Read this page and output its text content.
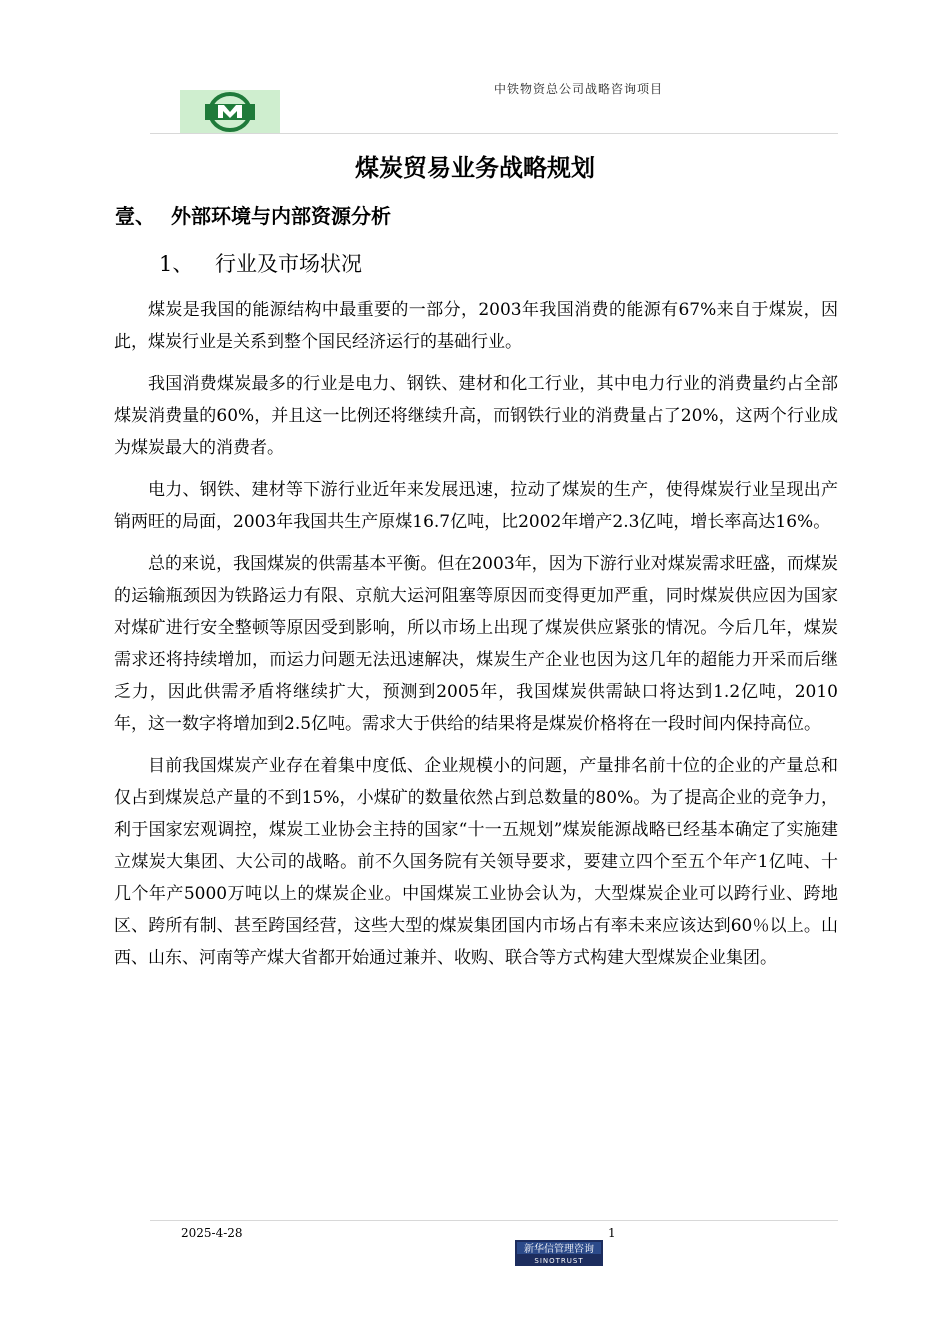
中铁物资总公司战略咨询项目
煤炭贸易业务战略规划
壹、 外部环境与内部资源分析
1、 行业及市场状况

煤炭是我国的能源结构中最重要的一部分，2003年我国消费的能源有67%来自于煤炭，因此，煤炭行业是关系到整个国民经济运行的基础行业。

我国消费煤炭最多的行业是电力、钢铁、建材和化工行业，其中电力行业的消费量约占全部煤炭消费量的60%，并且这一比例还将继续升高，而钢铁行业的消费量占了20%，这两个行业成为煤炭最大的消费者。

电力、钢铁、建材等下游行业近年来发展迅速，拉动了煤炭的生产，使得煤炭行业呈现出产销两旺的局面，2003年我国共生产原煤16.7亿吨，比2002年增产2.3亿吨，增长率高达16%。

总的来说，我国煤炭的供需基本平衡。但在2003年，因为下游行业对煤炭需求旺盛，而煤炭的运输瓶颈因为铁路运力有限、京航大运河阻塞等原因而变得更加严重，同时煤炭供应因为国家对煤矿进行安全整顿等原因受到影响，所以市场上出现了煤炭供应紧张的情况。今后几年，煤炭需求还将持续增加，而运力问题无法迅速解决，煤炭生产企业也因为这几年的超能力开采而后继乏力，因此供需矛盾将继续扩大，预测到2005年，我国煤炭供需缺口将达到1.2亿吨，2010年，这一数字将增加到2.5亿吨。需求大于供给的结果将是煤炭价格将在一段时间内保持高位。

目前我国煤炭产业存在着集中度低、企业规模小的问题，产量排名前十位的企业的产量总和仅占到煤炭总产量的不到15%，小煤矿的数量依然占到总数量的80%。为了提高企业的竞争力，利于国家宏观调控，煤炭工业协会主持的国家“十一五规划”煤炭能源战略已经基本确定了实施建立煤炭大集团、大公司的战略。前不久国务院有关领导要求，要建立四个至五个年产1亿吨、十几个年产5000万吨以上的煤炭企业。中国煤炭工业协会认为，大型煤炭企业可以跨行业、跨地区、跨所有制、甚至跨国经营，这些大型的煤炭集团国内市场占有率未来应该达到60％以上。山西、山东、河南等产煤大省都开始通过兼并、收购、联合等方式构建大型煤炭企业集团。

2025-4-28	1
新华信管理咨询
SINOTRUST
